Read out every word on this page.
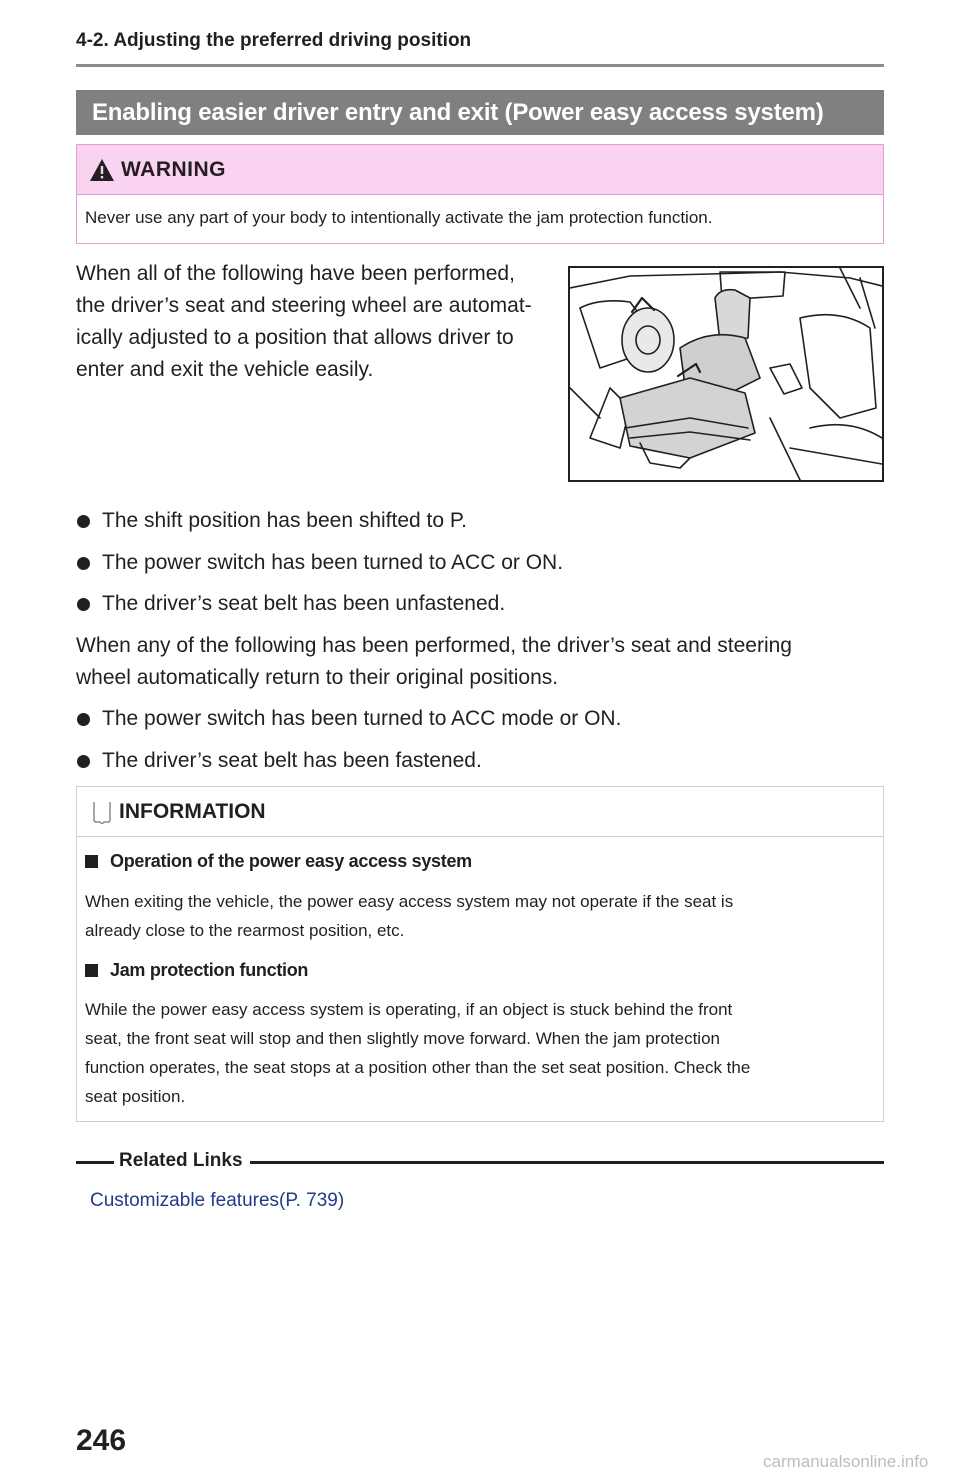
4-2. Adjusting the preferred driving position
Enabling easier driver entry and exit (Power easy access system)
WARNING
Never use any part of your body to intentionally activate the jam protection function.
When all of the following have been performed,
the driver’s seat and steering wheel are automat-
ically adjusted to a position that allows driver to
enter and exit the vehicle easily.
The shift position has been shifted to P.
The power switch has been turned to ACC or ON.
The driver’s seat belt has been unfastened.
When any of the following has been performed, the driver’s seat and steering
wheel automatically return to their original positions.
The power switch has been turned to ACC mode or ON.
The driver’s seat belt has been fastened.
INFORMATION
Operation of the power easy access system
When exiting the vehicle, the power easy access system may not operate if the seat is
already close to the rearmost position, etc.
Jam protection function
While the power easy access system is operating, if an object is stuck behind the front
seat, the front seat will stop and then slightly move forward. When the jam protection
function operates, the seat stops at a position other than the set seat position. Check the
seat position.
Related Links
Customizable features(P. 739)
246
carmanualsonline.info
